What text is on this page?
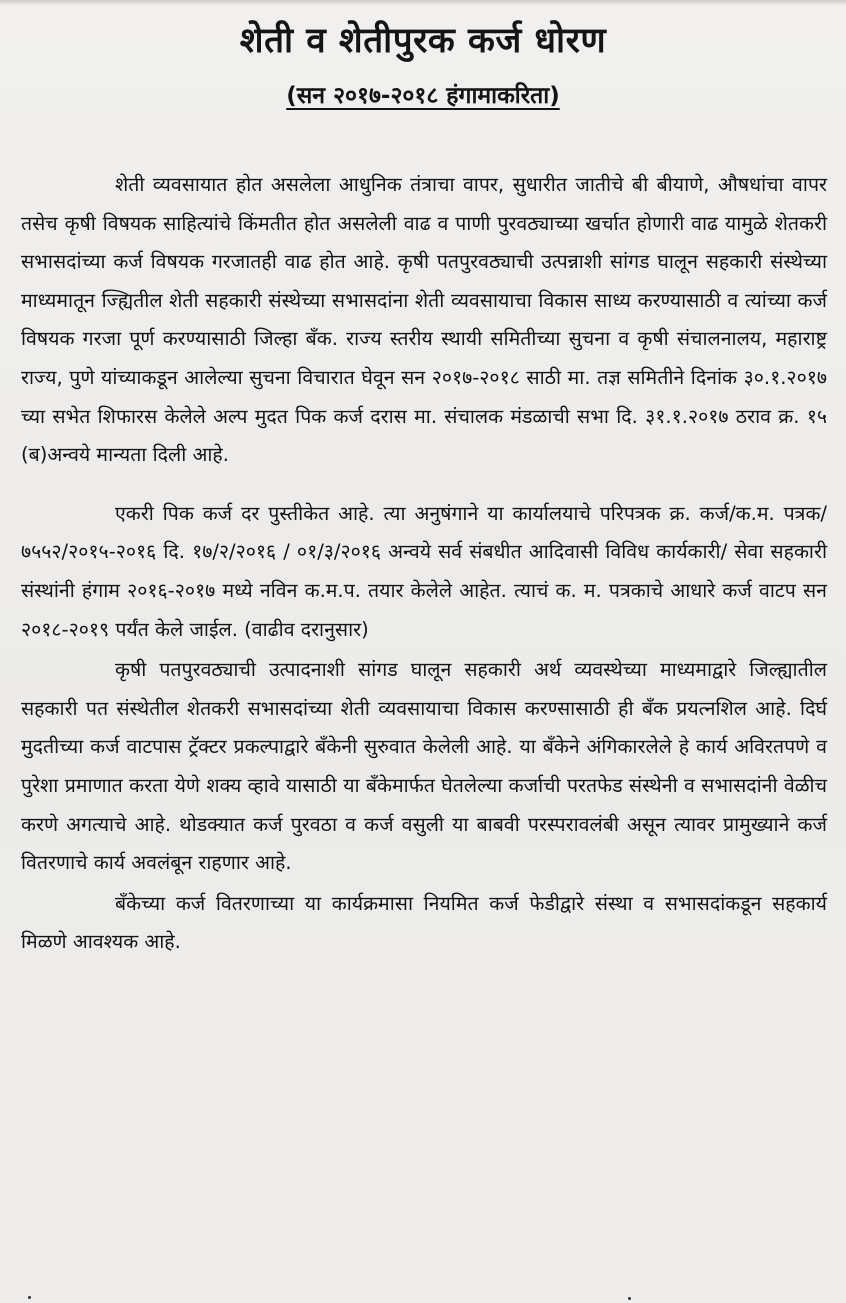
शेती व शेतीपुरक कर्ज धोरण
(सन २०१७-२०१८ हंगामाकरिता)

शेती व्यवसायात होत असलेला आधुनिक तंत्राचा वापर, सुधारीत जातीचे बी बीयाणे, औषधांचा वापर तसेच कृषी विषयक साहित्यांचे किंमतीत होत असलेली वाढ व पाणी पुरवठ्याच्या खर्चात होणारी वाढ यामुळे शेतकरी सभासदांच्या कर्ज विषयक गरजातही वाढ होत आहे. कृषी पतपुरवठ्याची उत्पन्नाशी सांगड घालून सहकारी संस्थेच्या माध्यमातून ज्ह्यितील शेती सहकारी संस्थेच्या सभासदांना शेती व्यवसायाचा विकास साध्य करण्यासाठी व त्यांच्या कर्ज विषयक गरजा पूर्ण करण्यासाठी जिल्हा बँक. राज्य स्तरीय स्थायी समितीच्या सुचना व कृषी संचालनालय, महाराष्ट्र राज्य, पुणे यांच्याकडून आलेल्या सुचना विचारात घेवून सन २०१७-२०१८ साठी मा. तज्ञ समितीने दिनांक ३०.१.२०१७ च्या सभेत शिफारस केलेले अल्प मुदत पिक कर्ज दरास मा. संचालक मंडळाची सभा दि. ३१.१.२०१७ ठराव क्र. १५ (ब)अन्वये मान्यता दिली आहे.

एकरी पिक कर्ज दर पुस्तीकेत आहे. त्या अनुषंगाने या कार्यालयाचे परिपत्रक क्र. कर्ज/क.म. पत्रक/७५५२/२०१५-२०१६ दि. १७/२/२०१६ / ०१/३/२०१६ अन्वये सर्व संबधीत आदिवासी विविध कार्यकारी/ सेवा सहकारी संस्थांनी हंगाम २०१६-२०१७ मध्ये नविन क.म.प. तयार केलेले आहेत. त्याचं क. म. पत्रकाचे आधारे कर्ज वाटप सन २०१८-२०१९ पर्यंत केले जाईल. (वाढीव दरानुसार)

कृषी पतपुरवठ्याची उत्पादनाशी सांगड घालून सहकारी अर्थ व्यवस्थेच्या माध्यमाद्वारे जिल्ह्यातील सहकारी पत संस्थेतील शेतकरी सभासदांच्या शेती व्यवसायाचा विकास करण्सासाठी ही बँक प्रयत्नशिल आहे. दिर्घ मुदतीच्या कर्ज वाटपास ट्रॅक्टर प्रकल्पाद्वारे बँकेनी सुरुवात केलेली आहे. या बँकेने अंगिकारलेले हे कार्य अविरतपणे व पुरेशा प्रमाणात करता येणे शक्य व्हावे यासाठी या बँकेमार्फत घेतलेल्या कर्जाची परतफेड संस्थेनी व सभासदांनी वेळीच करणे अगत्याचे आहे. थोडक्यात कर्ज पुरवठा व कर्ज वसुली या बाबवी परस्परावलंबी असून त्यावर प्रामुख्याने कर्ज वितरणाचे कार्य अवलंबून राहणार आहे.

बँकेच्या कर्ज वितरणाच्या या कार्यक्रमासा नियमित कर्ज फेडीद्वारे संस्था व सभासदांकडून सहकार्य मिळणे आवश्यक आहे.
